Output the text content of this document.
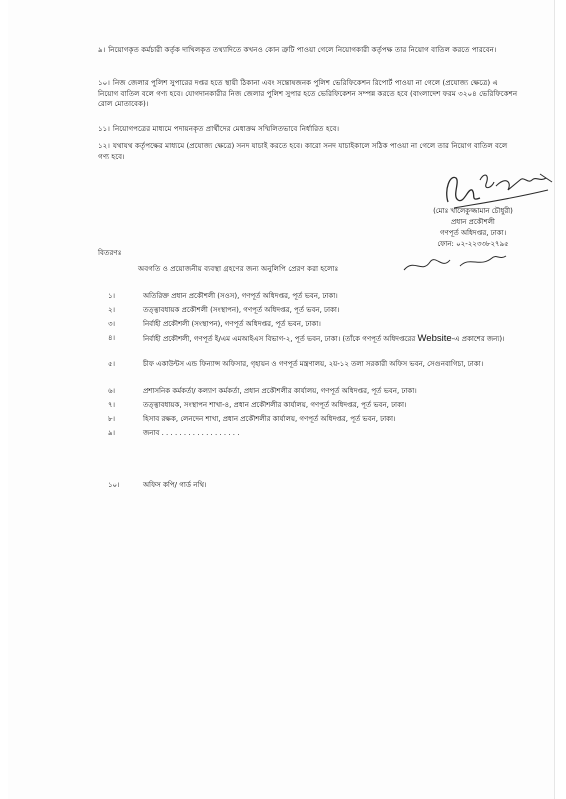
৯। নিয়োগকৃত কর্মচারী কর্তৃক দাখিলকৃত তথ্যাদিতে কখনও কোন ত্রুটি পাওয়া গেলে নিয়োগকারী কর্তৃপক্ষ তার নিয়োগ বাতিল করতে পারবেন।
১০। নিজ জেলার পুলিশ সুপারের দপ্তর হতে স্থায়ী ঠিকানা এবং সন্তোষজনক পুলিশ ভেরিফিকেশন রিপোর্ট পাওয়া না গেলে (প্রযোজ্য ক্ষেত্রে) এ নিয়োগ বাতিল বলে গণ্য হবে। যোগদানকারীর নিজ জেলার পুলিশ সুপার হতে ভেরিফিকেশন সম্পন্ন করতে হবে (বাংলাদেশ ফরম ৩২০৪ ভেরিফিকেশন রোল মোতাবেক)।
১১। নিয়োগপত্রের মাধ্যমে পদায়নকৃত প্রার্থীদের মেধাক্রম সম্মিলিতভাবে নির্ধারিত হবে।
১২। যথাযথ কর্তৃপক্ষের মাধ্যমে (প্রযোজ্য ক্ষেত্রে) সনদ যাচাই করতে হবে। কারো সনদ যাচাইকালে সঠিক পাওয়া না গেলে তার নিয়োগ বাতিল বলে গণ্য হবে।
(মোঃ খালেকুজ্জামান চৌধুরী)
প্রধান প্রকৌশলী
গণপূর্ত অধিদপ্তর, ঢাকা।
ফোন: ০২-২২৩৩৮২৭৯৫
বিতরণঃ
অবগতি ও প্রয়োজনীয় ব্যবস্থা গ্রহণের জন্য অনুলিপি প্রেরণ করা হলোঃ
১।	অতিরিক্ত প্রধান প্রকৌশলী (সওস), গণপূর্ত অধিদপ্তর, পূর্ত ভবন, ঢাকা।
২।	তত্ত্বাবধায়ক প্রকৌশলী (সংস্থাপন), গণপূর্ত অধিদপ্তর, পূর্ত ভবন, ঢাকা।
৩।	নির্বাহী প্রকৌশলী (সংস্থাপন), গণপূর্ত অধিদপ্তর, পূর্ত ভবন, ঢাকা।
৪।	নির্বাহী প্রকৌশলী, গণপূর্ত ই/এম এমআইএস বিভাগ-২, পূর্ত ভবন, ঢাকা। (তাঁকে গণপূর্ত অধিদপ্তরের Website-এ প্রকাশের জন্য)।
৫।	চীফ একাউন্টস এন্ড ফিন্যান্স অফিসার, গৃহায়ন ও গণপূর্ত মন্ত্রণালয়, ২য়-১২ তলা সরকারী অফিস ভবন, সেগুনবাগিচা, ঢাকা।
৬।	প্রশাসনিক কর্মকর্তা/ কল্যাণ কর্মকর্তা, প্রধান প্রকৌশলীর কার্যালয়, গণপূর্ত অধিদপ্তর, পূর্ত ভবন, ঢাকা।
৭।	তত্ত্বাবধায়ক, সংস্থাপন শাখা-৪, প্রধান প্রকৌশলীর কার্যালয়, গণপূর্ত অধিদপ্তর, পূর্ত ভবন, ঢাকা।
৮।	হিসাব রক্ষক, লেনদেন শাখা, প্রধান প্রকৌশলীর কার্যালয়, গণপূর্ত অধিদপ্তর, পূর্ত ভবন, ঢাকা।
৯।	জনাব . . . . . . . . . . . . . . . . . .
১০।	অফিস কপি/ গার্ড নথি।
